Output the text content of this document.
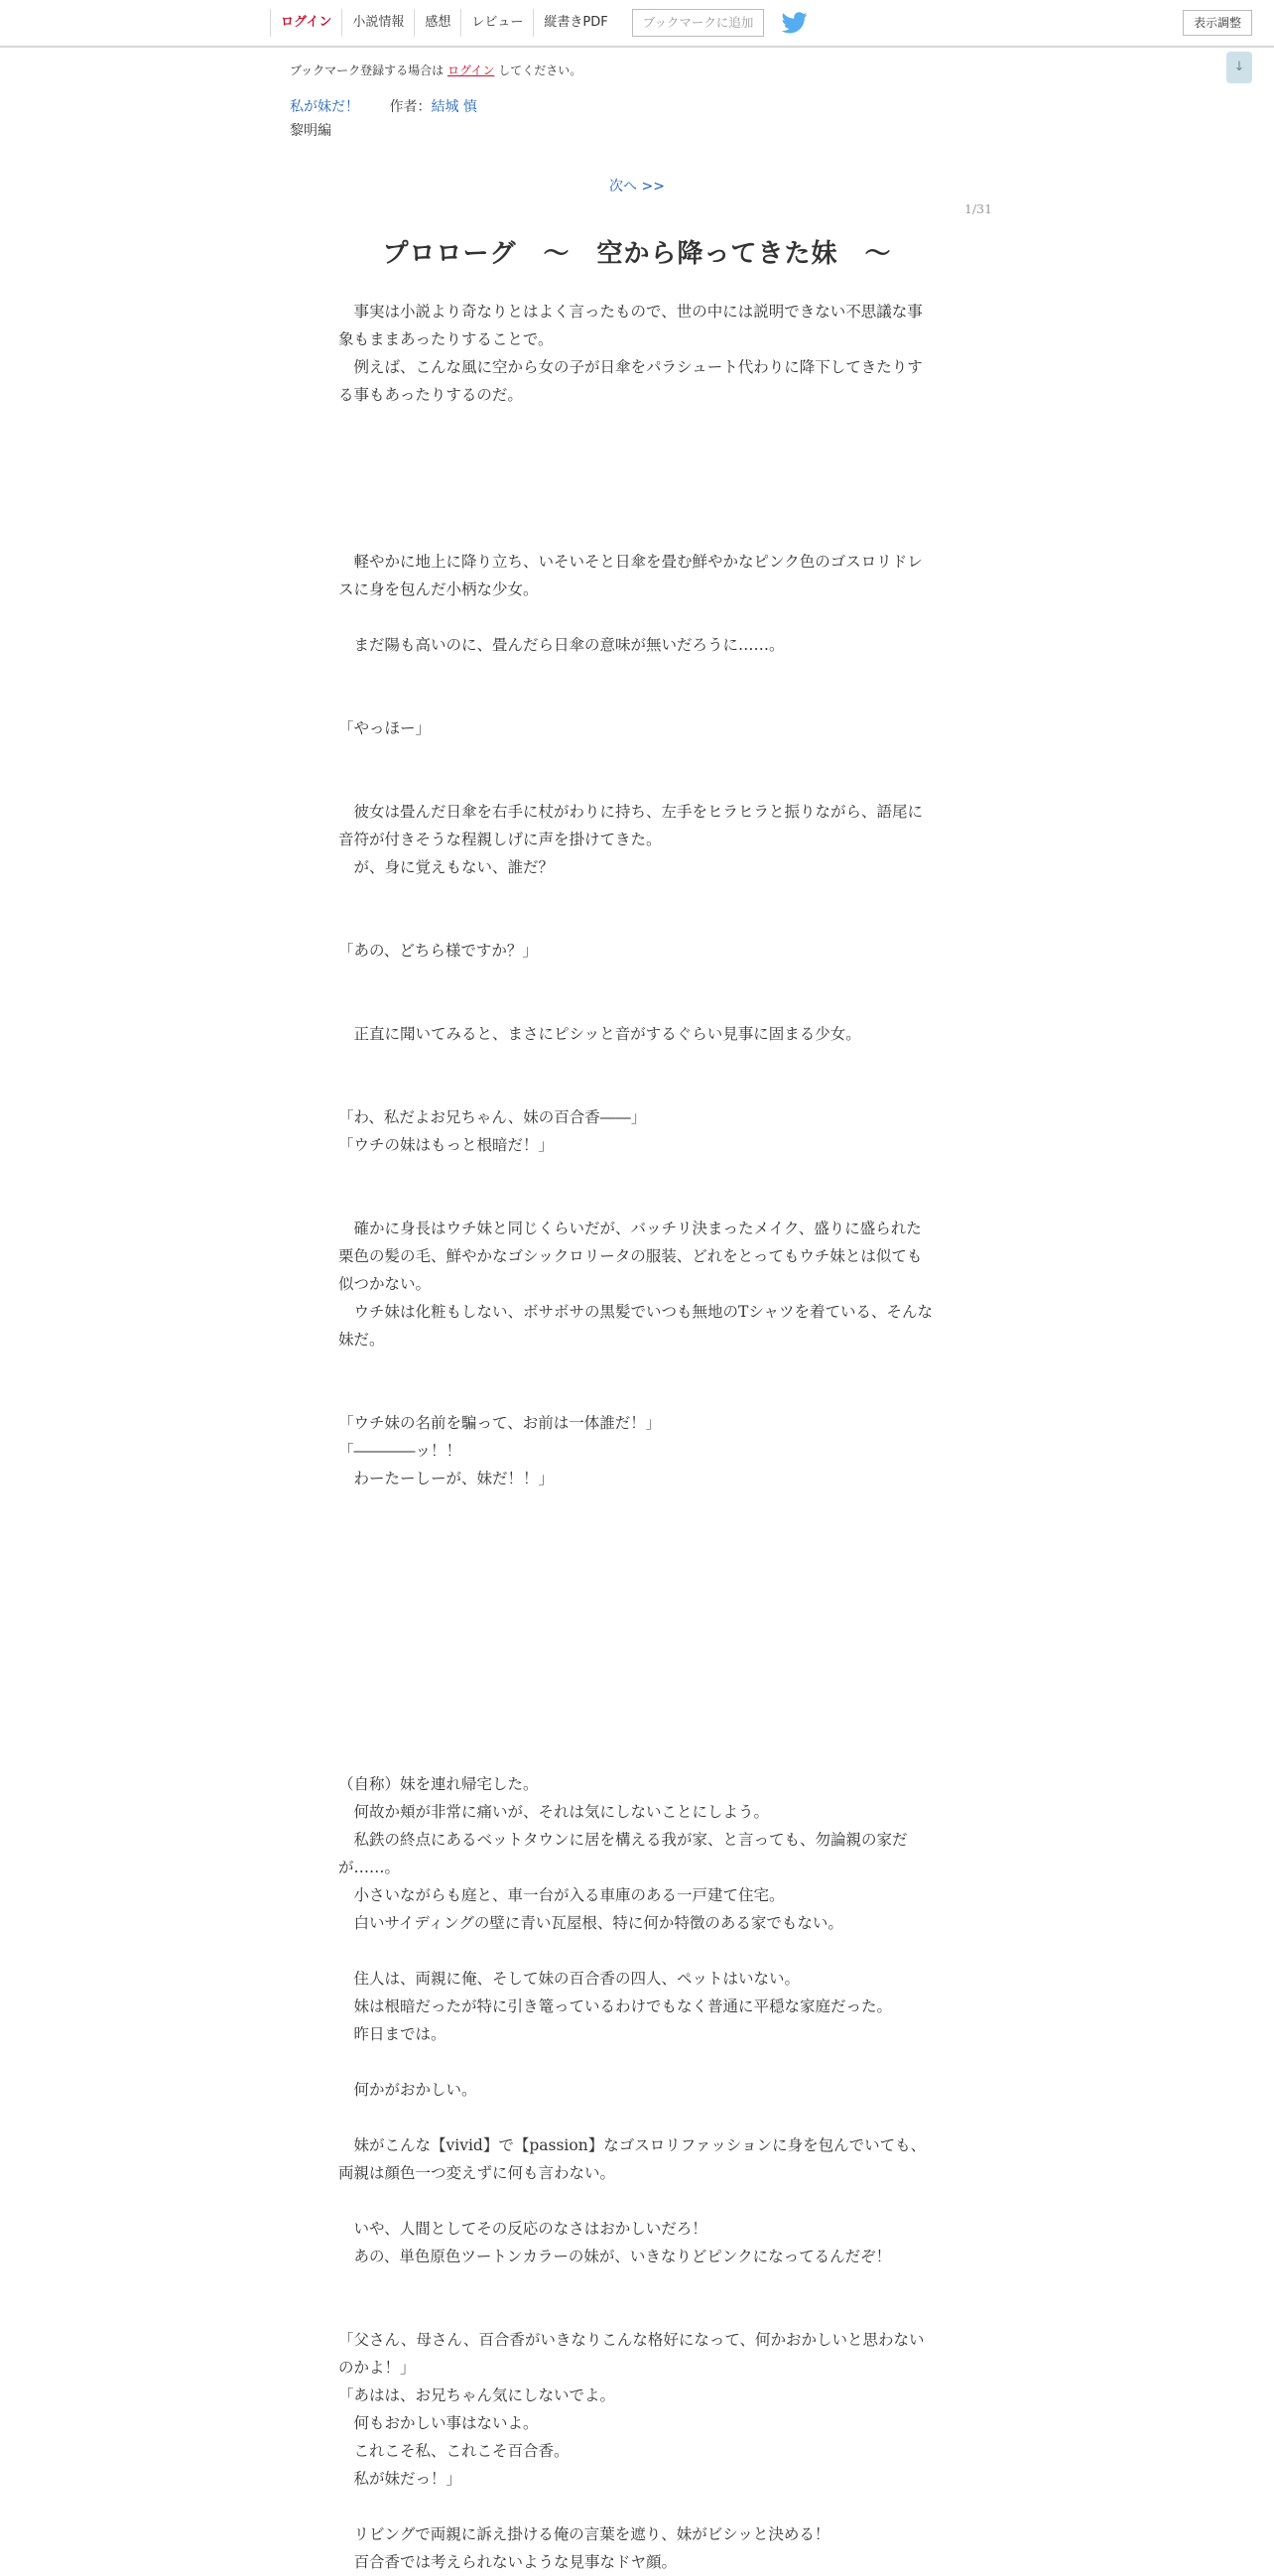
ログイン	小説情報	感想	レビュー	縦書きPDF	ブックマークに追加	表示調整
↓
ブックマーク登録する場合は ログイン してください。
私が妹だ！ 作者：結城 慎
黎明編
次へ >>
1/31
プロローグ　～　空から降ってきた妹　～

　事実は小説より奇なりとはよく言ったもので、世の中には説明できない不思議な事象もままあったりすることで。

　例えば、こんな風に空から女の子が日傘をパラシュート代わりに降下してきたりする事もあったりするのだ。

　軽やかに地上に降り立ち、いそいそと日傘を畳む鮮やかなピンク色のゴスロリドレスに身を包んだ小柄な少女。

　まだ陽も高いのに、畳んだら日傘の意味が無いだろうに……。

「やっほー」

　彼女は畳んだ日傘を右手に杖がわりに持ち、左手をヒラヒラと振りながら、語尾に音符が付きそうな程親しげに声を掛けてきた。

　が、身に覚えもない、誰だ？

「あの、どちら様ですか？」

　正直に聞いてみると、まさにピシッと音がするぐらい見事に固まる少女。

「わ、私だよお兄ちゃん、妹の百合香――」

「ウチの妹はもっと根暗だ！」

　確かに身長はウチ妹と同じくらいだが、バッチリ決まったメイク、盛りに盛られた栗色の髪の毛、鮮やかなゴシックロリータの服装、どれをとってもウチ妹とは似ても似つかない。

　ウチ妹は化粧もしない、ボサボサの黒髪でいつも無地のTシャツを着ている、そんな妹だ。

「ウチ妹の名前を騙って、お前は一体誰だ！」

「――――ッ！！

　わーたーしーが、妹だ！！」

（自称）妹を連れ帰宅した。

　何故か頬が非常に痛いが、それは気にしないことにしよう。

　私鉄の終点にあるベットタウンに居を構える我が家、と言っても、勿論親の家だが……。

　小さいながらも庭と、車一台が入る車庫のある一戸建て住宅。

　白いサイディングの壁に青い瓦屋根、特に何か特徴のある家でもない。

　住人は、両親に俺、そして妹の百合香の四人、ペットはいない。

　妹は根暗だったが特に引き篭っているわけでもなく普通に平穏な家庭だった。

　昨日までは。

　何かがおかしい。

　妹がこんな【vivid】で【passion】なゴスロリファッションに身を包んでいても、両親は顔色一つ変えずに何も言わない。

　いや、人間としてその反応のなさはおかしいだろ！

　あの、単色原色ツートンカラーの妹が、いきなりどピンクになってるんだぞ！

「父さん、母さん、百合香がいきなりこんな格好になって、何かおかしいと思わないのかよ！」

「あはは、お兄ちゃん気にしないでよ。

　何もおかしい事はないよ。

　これこそ私、これこそ百合香。

　私が妹だっ！」

　リビングで両親に訴え掛ける俺の言葉を遮り、妹がビシッと決める！

　百合香では考えられないような見事なドヤ顔。
